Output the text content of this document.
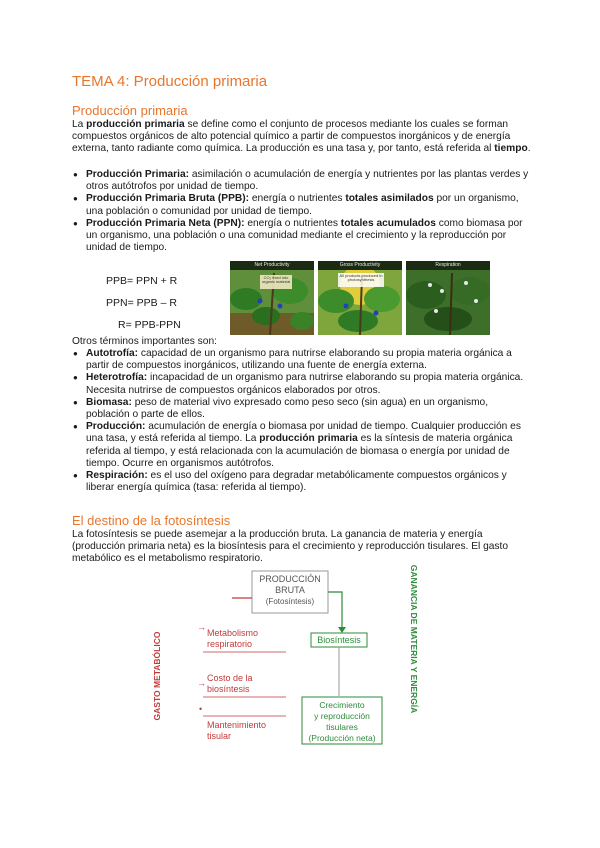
TEMA 4: Producción primaria
Producción primaria

La producción primaria se define como el conjunto de procesos mediante los cuales se forman compuestos orgánicos de alto potencial químico a partir de compuestos inorgánicos y de energía externa, tanto radiante como química. La producción es una tasa y, por tanto, está referida al tiempo.

● Producción Primaria: asimilación o acumulación de energía y nutrientes por las plantas verdes y otros autótrofos por unidad de tiempo.
● Producción Primaria Bruta (PPB): energía o nutrientes totales asimilados por un organismo, una población o comunidad por unidad de tiempo.
● Producción Primaria Neta (PPN): energía o nutrientes totales acumulados como biomasa por un organismo, una población o una comunidad mediante el crecimiento y la reproducción por unidad de tiempo.
PPB= PPN + R
PPN= PPB – R
R= PPB-PPN
Net Productivity
CO₂ fixed into organic material
Gross Productivity
All products produced in photosynthesis
Respiration

Otros términos importantes son:

● Autotrofía: capacidad de un organismo para nutrirse elaborando su propia materia orgánica a partir de compuestos inorgánicos, utilizando una fuente de energía externa.
● Heterotrofía: incapacidad de un organismo para nutrirse elaborando su propia materia orgánica. Necesita nutrirse de compuestos orgánicos elaborados por otros.
● Biomasa: peso de material vivo expresado como peso seco (sin agua) en un organismo, población o parte de ellos.
● Producción: acumulación de energía o biomasa por unidad de tiempo. Cualquier producción es una tasa, y está referida al tiempo. La producción primaria es la síntesis de materia orgánica referida al tiempo, y está relacionada con la acumulación de biomasa o energía por unidad de tiempo. Ocurre en organismos autótrofos.
● Respiración: es el uso del oxígeno para degradar metabólicamente compuestos orgánicos y liberar energía química (tasa: referida al tiempo).
El destino de la fotosíntesis

La fotosíntesis se puede asemejar a la producción bruta. La ganancia de materia y energía (producción primaria neta) es la biosíntesis para el crecimiento y reproducción tisulares. El gasto metabólico es el metabolismo respiratorio.

PRODUCCIÓN
BRUTA
(Fotosíntesis)
GASTO METABÓLICO	GANANCIA DE MATERIA Y ENERGÍA
→
Metabolismo
respiratorio
→ Costo de la
biosíntesis
•
Mantenimiento
tisular
Biosíntesis
Crecimiento
y reproducción
tisulares
(Producción neta)
